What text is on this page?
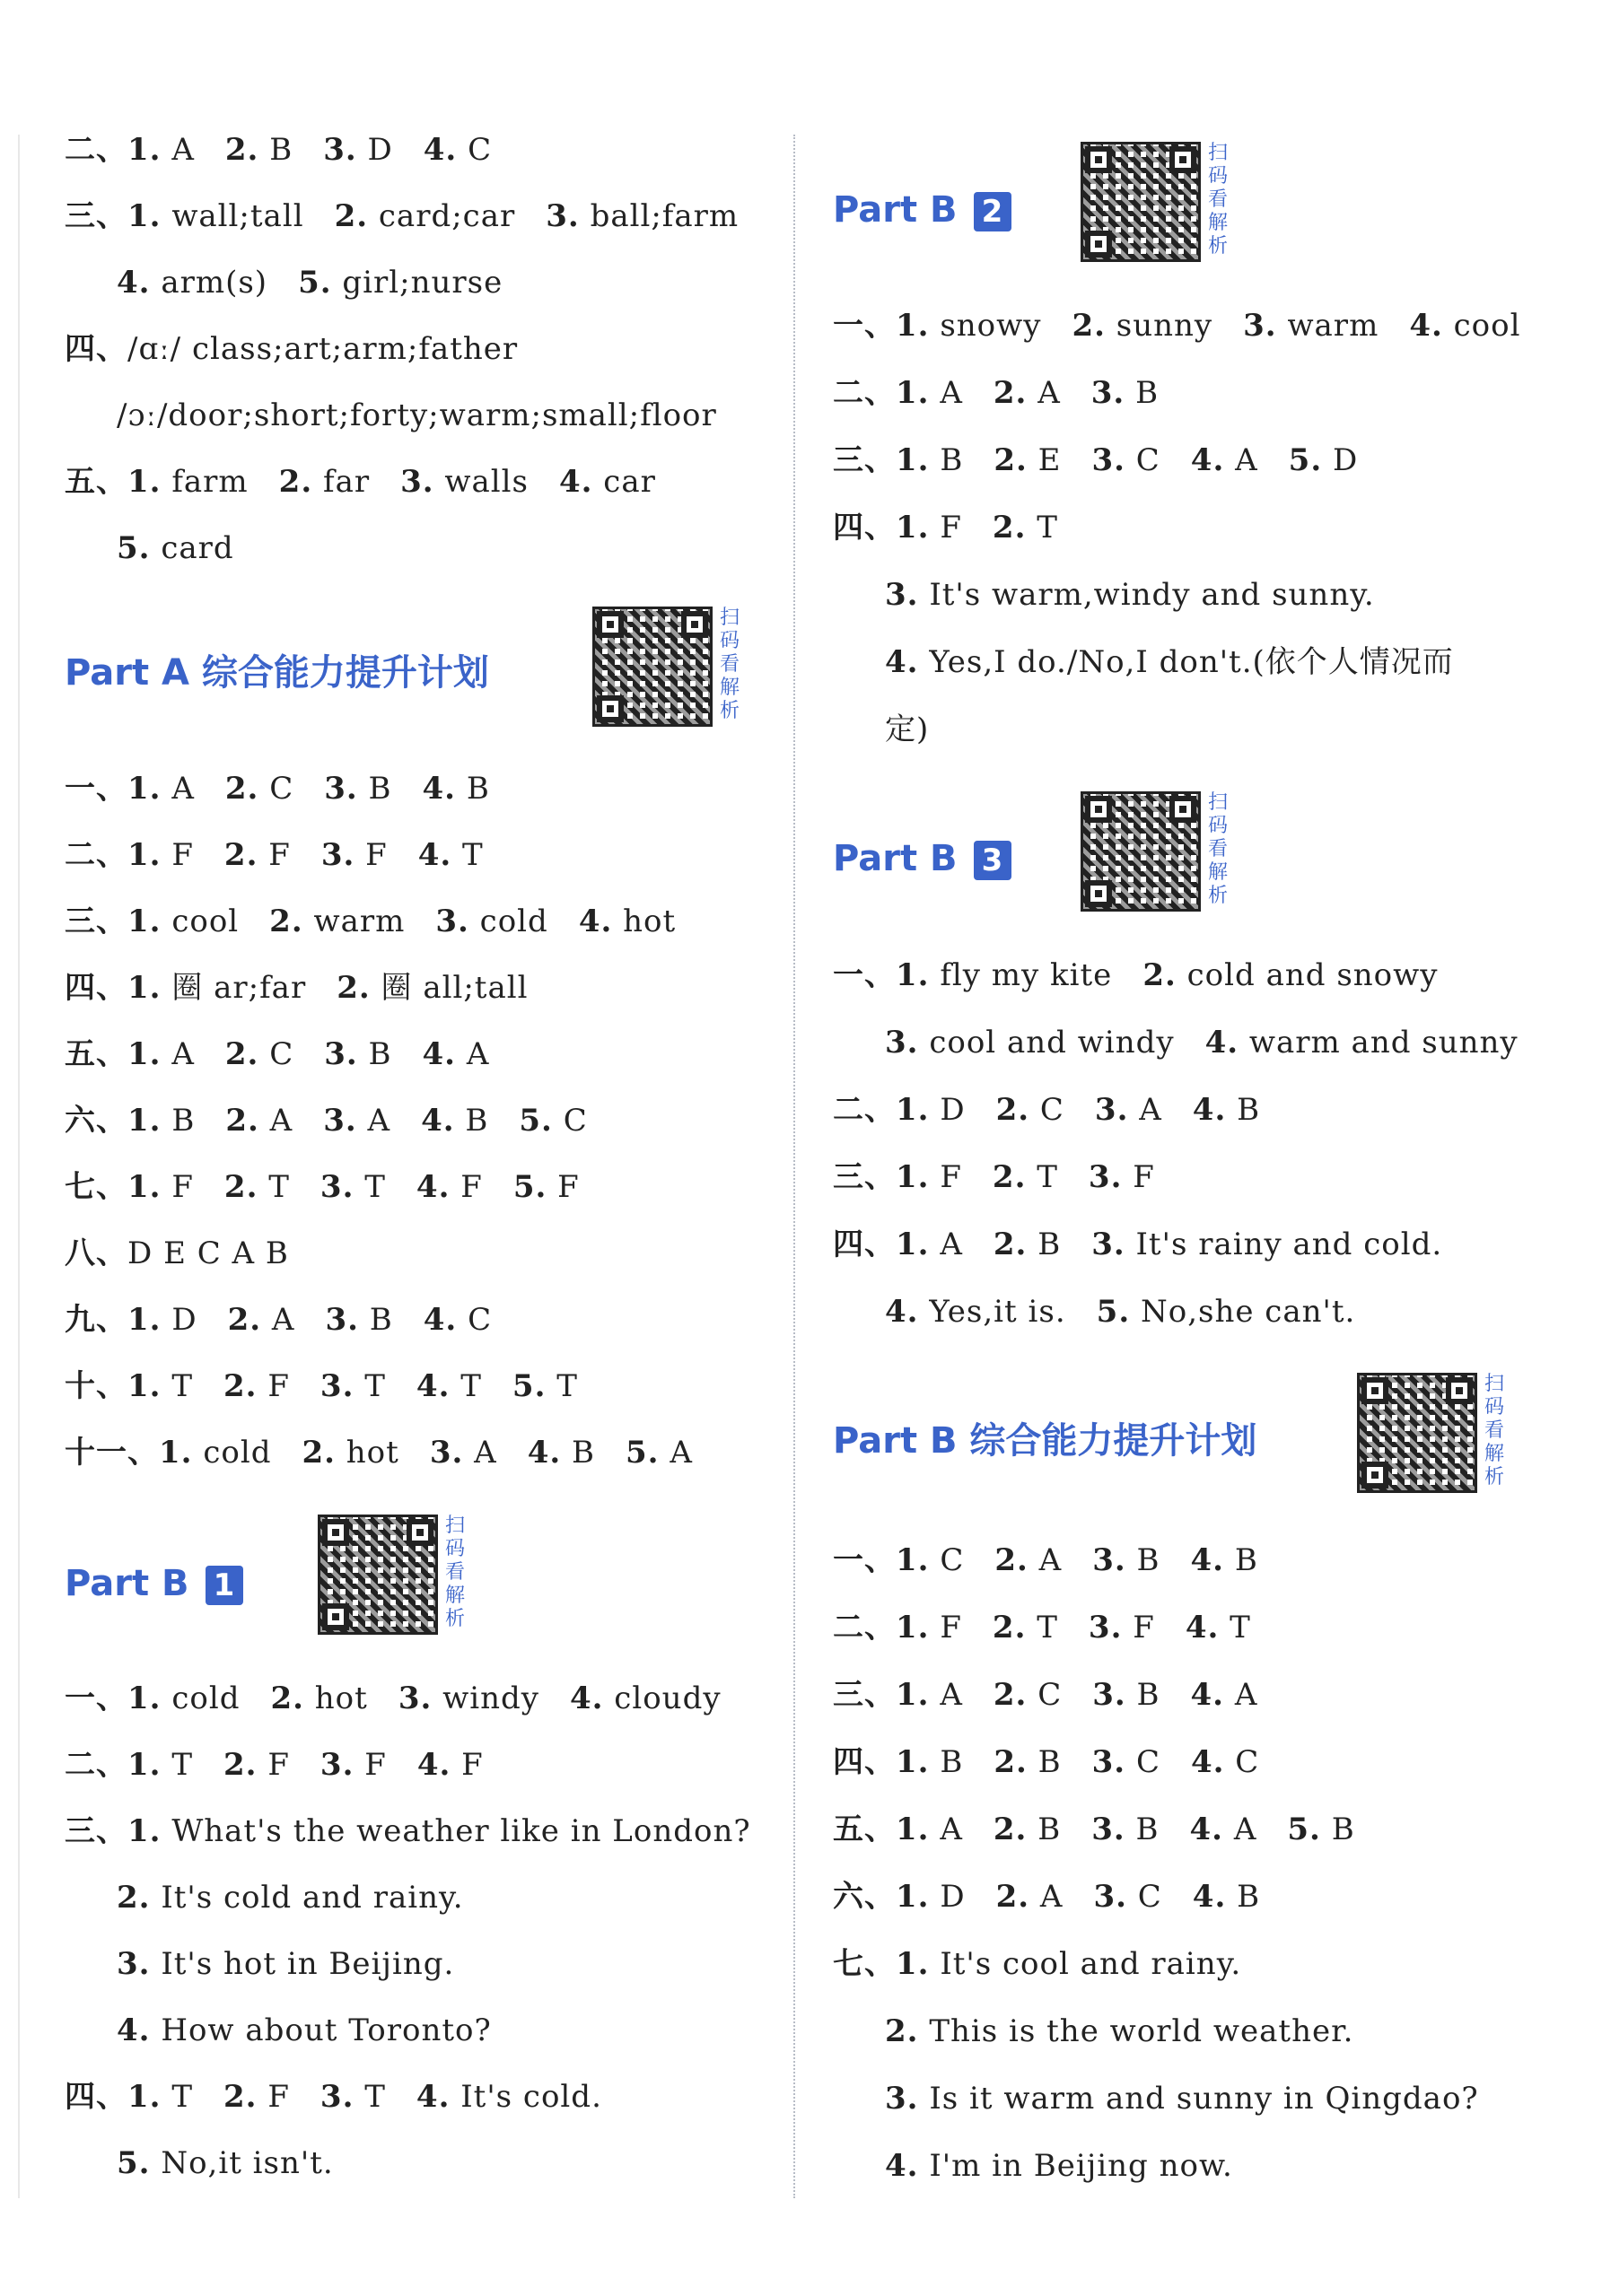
二、1. A 2. B 3. D 4. C
三、1. wall;tall 2. card;car 3. ball;farm
4. arm(s) 5. girl;nurse
四、/ɑː/ class;art;arm;father
/ɔː/door;short;forty;warm;small;floor
五、1. farm 2. far 3. walls 4. car
5. card
Part A 综合能力提升计划
扫码看解析
一、1. A 2. C 3. B 4. B
二、1. F 2. F 3. F 4. T
三、1. cool 2. warm 3. cold 4. hot
四、1. 圈 ar;far 2. 圈 all;tall
五、1. A 2. C 3. B 4. A
六、1. B 2. A 3. A 4. B 5. C
七、1. F 2. T 3. T 4. F 5. F
八、D E C A B
九、1. D 2. A 3. B 4. C
十、1. T 2. F 3. T 4. T 5. T
十一、1. cold 2. hot 3. A 4. B 5. A
Part B 1
扫码看解析
一、1. cold 2. hot 3. windy 4. cloudy
二、1. T 2. F 3. F 4. F
三、1. What's the weather like in London?
2. It's cold and rainy.
3. It's hot in Beijing.
4. How about Toronto?
四、1. T 2. F 3. T 4. It's cold.
5. No,it isn't.
Part B 2
扫码看解析
一、1. snowy 2. sunny 3. warm 4. cool
二、1. A 2. A 3. B
三、1. B 2. E 3. C 4. A 5. D
四、1. F 2. T
3. It's warm,windy and sunny.
4. Yes,I do./No,I don't.(依个人情况而
定)
Part B 3
扫码看解析
一、1. fly my kite 2. cold and snowy
3. cool and windy 4. warm and sunny
二、1. D 2. C 3. A 4. B
三、1. F 2. T 3. F
四、1. A 2. B 3. It's rainy and cold.
4. Yes,it is. 5. No,she can't.
Part B 综合能力提升计划
扫码看解析
一、1. C 2. A 3. B 4. B
二、1. F 2. T 3. F 4. T
三、1. A 2. C 3. B 4. A
四、1. B 2. B 3. C 4. C
五、1. A 2. B 3. B 4. A 5. B
六、1. D 2. A 3. C 4. B
七、1. It's cool and rainy.
2. This is the world weather.
3. Is it warm and sunny in Qingdao?
4. I'm in Beijing now.
